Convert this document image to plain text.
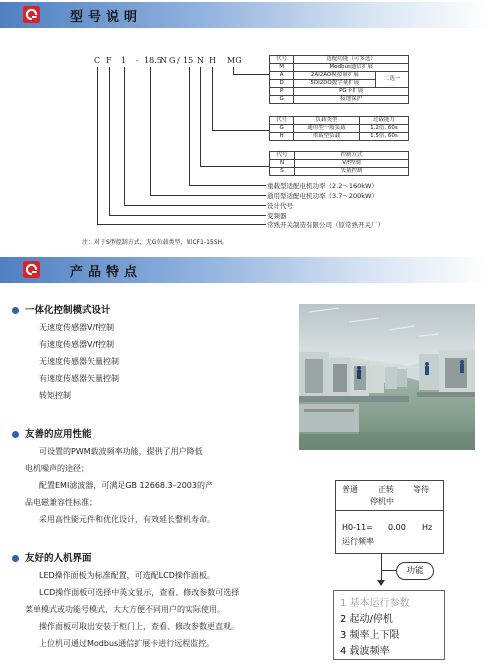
型号说明
C F 1 - 18.5
N G / 15 N H MG	代号	选配功能（可多选）	
M	Modbus通信扩展	
A	2AI2AO模拟量扩展	二选一
D	5DI2DO数字量扩展	
P	PG卡扩展	
G	接地保护	
代号	负载类型	过载能力
G	通用型一般负载	1.2倍, 60s
H	重载型负载	1.5倍, 60s
代号	控制方式
N	V/f控制
S	矢量控制
重载型适配电机功率（2.2～160kW）
通用型适配电机功率（3.7～200kW）
设计代号
变频器
常熟开关制造有限公司（原常熟开关厂）
注：对于S型控制方式，无G负载类型，如CF1-15SH。
产品特点
一体化控制模式设计
无速度传感器V/f控制
有速度传感器V/f控制
无速度传感器矢量控制
有速度传感器矢量控制
转矩控制
友善的应用性能
可设置的PWM载波频率功能，提供了用户降低
电机噪声的途径；
配置EMI滤波器，可满足GB 12668.3–2003的产
品电磁兼容性标准；
采用高性能元件和优化设计，有效延长整机寿命。
友好的人机界面
LED操作面板为标准配置，可选配LCD操作面板。
LCD操作面板可选择中英文显示，查看、修改参数可选择
菜单模式或功能号模式，大大方便不同用户的实际使用。
操作面板可取出安装于柜门上，查看、修改参数更直观。
上位机可通过Modbus通信扩展卡进行远程监控。
普通	正转 等待
停机中
H0-11= 0.00 Hz
运行频率
功能
1 基本运行参数
2 起动/停机
3 频率上下限
4 载波频率
